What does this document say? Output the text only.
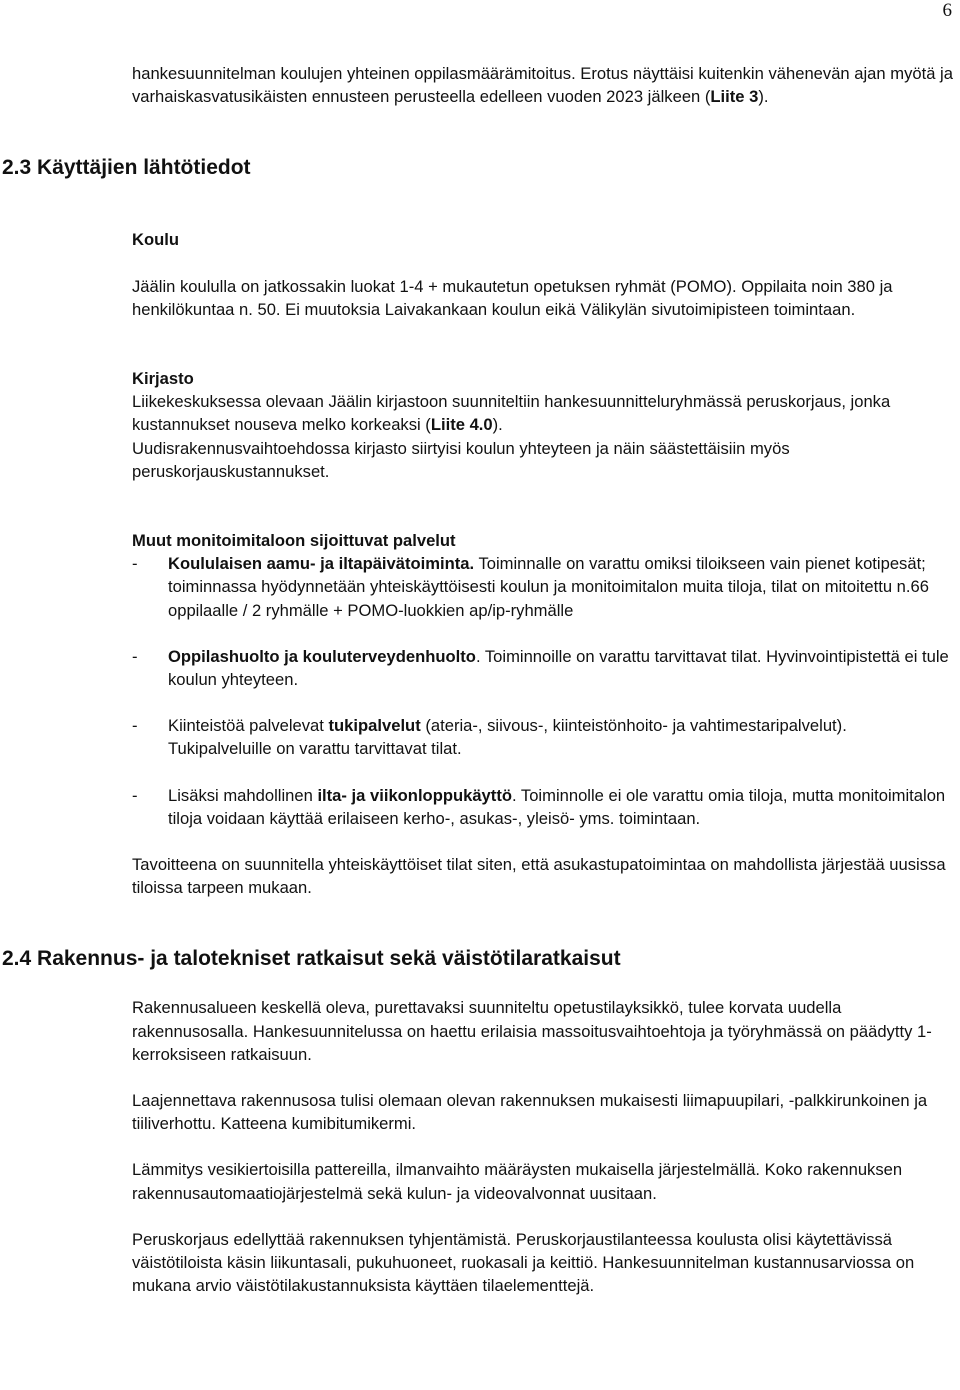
6

hankesuunnitelman koulujen yhteinen oppilasmäärämitoitus. Erotus näyttäisi kuitenkin vähenevän ajan myötä ja varhaiskasvatusikäisten ennusteen perusteella edelleen vuoden 2023 jälkeen (Liite 3).

2.3 Käyttäjien lähtötiedot

Koulu

Jäälin koululla on jatkossakin luokat 1-4 + mukautetun opetuksen ryhmät (POMO). Oppilaita noin 380 ja henkilökuntaa n. 50. Ei muutoksia Laivakankaan koulun eikä Välikylän sivutoimipisteen toimintaan.

Kirjasto

Liikekeskuksessa olevaan Jäälin kirjastoon suunniteltiin hankesuunnitteluryhmässä peruskorjaus, jonka kustannukset nouseva melko korkeaksi (Liite 4.0).

Uudisrakennusvaihtoehdossa kirjasto siirtyisi koulun yhteyteen ja näin säästettäisiin myös peruskorjauskustannukset.

Muut monitoimitaloon sijoittuvat palvelut

- Koululaisen aamu- ja iltapäivätoiminta. Toiminnalle on varattu omiksi tiloikseen vain pienet kotipesät; toiminnassa hyödynnetään yhteiskäyttöisesti koulun ja monitoimitalon muita tiloja, tilat on mitoitettu n.66 oppilaalle / 2 ryhmälle + POMO-luokkien ap/ip-ryhmälle
- Oppilashuolto ja kouluterveydenhuolto. Toiminnoille on varattu tarvittavat tilat. Hyvinvointipistettä ei tule koulun yhteyteen.
- Kiinteistöä palvelevat tukipalvelut (ateria-, siivous-, kiinteistönhoito- ja vahtimestaripalvelut). Tukipalveluille on varattu tarvittavat tilat.
- Lisäksi mahdollinen ilta- ja viikonloppukäyttö. Toiminnolle ei ole varattu omia tiloja, mutta monitoimitalon tiloja voidaan käyttää erilaiseen kerho-, asukas-, yleisö- yms. toimintaan.

Tavoitteena on suunnitella yhteiskäyttöiset tilat siten, että asukastupatoimintaa on mahdollista järjestää uusissa tiloissa tarpeen mukaan.

2.4 Rakennus- ja talotekniset ratkaisut sekä väistötilaratkaisut

Rakennusalueen keskellä oleva, purettavaksi suunniteltu opetustilayksikkö, tulee korvata uudella rakennusosalla. Hankesuunnitelussa on haettu erilaisia massoitusvaihtoehtoja ja työryhmässä on päädytty 1-kerroksiseen ratkaisuun.

Laajennettava rakennusosa tulisi olemaan olevan rakennuksen mukaisesti liimapuupilari, -palkkirunkoinen ja tiiliverhottu. Katteena kumibitumikermi.

Lämmitys vesikiertoisilla pattereilla, ilmanvaihto määräysten mukaisella järjestelmällä. Koko rakennuksen rakennusautomaatiojärjestelmä sekä kulun- ja videovalvonnat uusitaan.

Peruskorjaus edellyttää rakennuksen tyhjentämistä. Peruskorjaustilanteessa koulusta olisi käytettävissä väistötiloista käsin liikuntasali, pukuhuoneet, ruokasali ja keittiö. Hankesuunnitelman kustannusarviossa on mukana arvio väistötilakustannuksista käyttäen tilaelementtejä.
